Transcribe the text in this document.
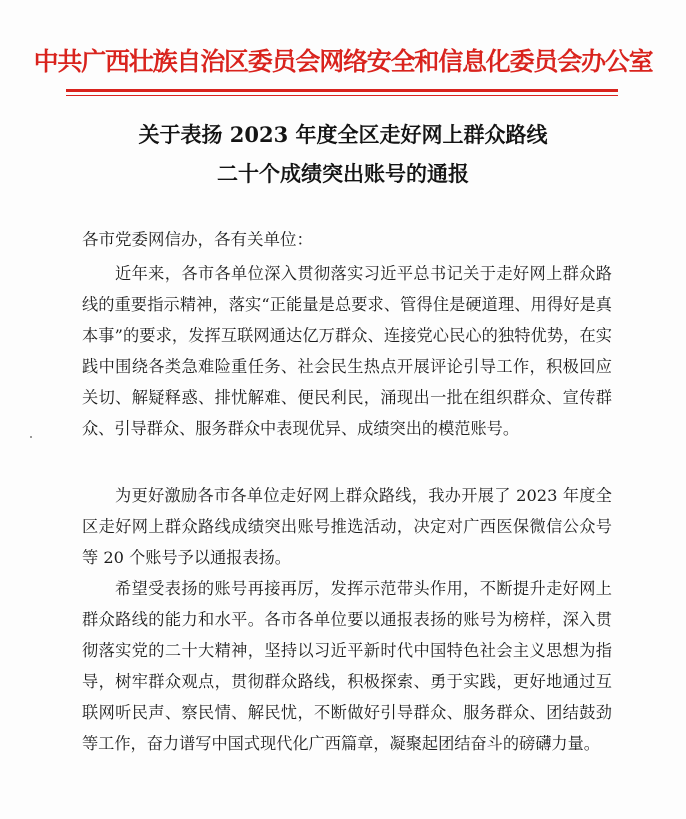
中共广西壮族自治区委员会网络安全和信息化委员会办公室
关于表扬 2023 年度全区走好网上群众路线
二十个成绩突出账号的通报
各市党委网信办，各有关单位：
近年来，各市各单位深入贯彻落实习近平总书记关于走好网上群众路线的重要指示精神，落实“正能量是总要求、管得住是硬道理、用得好是真本事”的要求，发挥互联网通达亿万群众、连接党心民心的独特优势，在实践中围绕各类急难险重任务、社会民生热点开展评论引导工作，积极回应关切、解疑释惑、排忧解难、便民利民，涌现出一批在组织群众、宣传群众、引导群众、服务群众中表现优异、成绩突出的模范账号。
为更好激励各市各单位走好网上群众路线，我办开展了 2023 年度全区走好网上群众路线成绩突出账号推选活动，决定对广西医保微信公众号等 20 个账号予以通报表扬。
希望受表扬的账号再接再厉，发挥示范带头作用，不断提升走好网上群众路线的能力和水平。各市各单位要以通报表扬的账号为榜样，深入贯彻落实党的二十大精神，坚持以习近平新时代中国特色社会主义思想为指导，树牢群众观点，贯彻群众路线，积极探索、勇于实践，更好地通过互联网听民声、察民情、解民忧，不断做好引导群众、服务群众、团结鼓劲等工作，奋力谱写中国式现代化广西篇章，凝聚起团结奋斗的磅礴力量。
